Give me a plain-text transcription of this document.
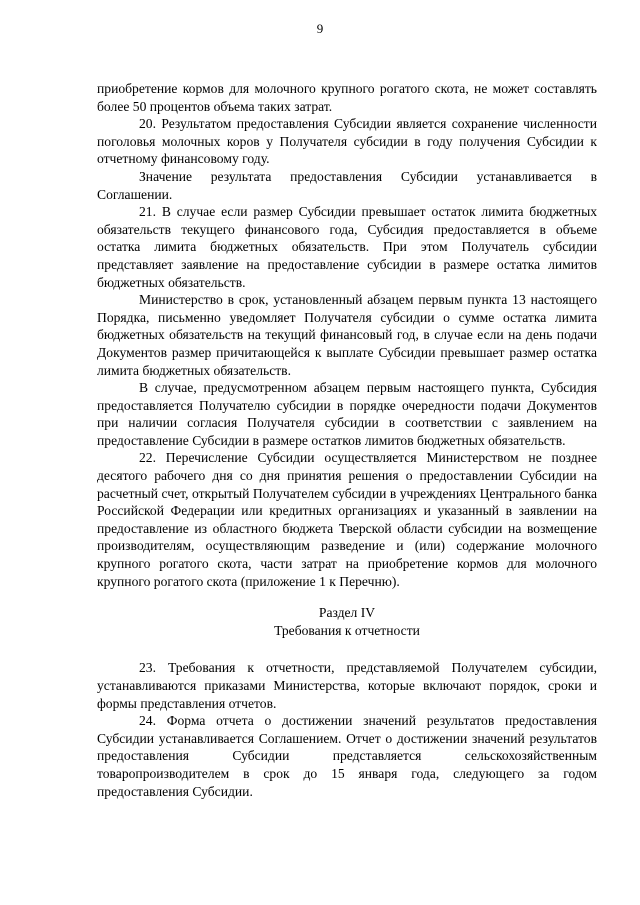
9

приобретение кормов для молочного крупного рогатого скота, не может составлять более 50 процентов объема таких затрат.

20. Результатом предоставления Субсидии является сохранение численности поголовья молочных коров у Получателя субсидии в году получения Субсидии к отчетному финансовому году.

Значение результата предоставления Субсидии устанавливается в Соглашении.

21. В случае если размер Субсидии превышает остаток лимита бюджетных обязательств текущего финансового года, Субсидия предоставляется в объеме остатка лимита бюджетных обязательств. При этом Получатель субсидии представляет заявление на предоставление субсидии в размере остатка лимитов бюджетных обязательств.

Министерство в срок, установленный абзацем первым пункта 13 настоящего Порядка, письменно уведомляет Получателя субсидии о сумме остатка лимита бюджетных обязательств на текущий финансовый год, в случае если на день подачи Документов размер причитающейся к выплате Субсидии превышает размер остатка лимита бюджетных обязательств.

В случае, предусмотренном абзацем первым настоящего пункта, Субсидия предоставляется Получателю субсидии в порядке очередности подачи Документов при наличии согласия Получателя субсидии в соответствии с заявлением на предоставление Субсидии в размере остатков лимитов бюджетных обязательств.

22. Перечисление Субсидии осуществляется Министерством не позднее десятого рабочего дня со дня принятия решения о предоставлении Субсидии на расчетный счет, открытый Получателем субсидии в учреждениях Центрального банка Российской Федерации или кредитных организациях и указанный в заявлении на предоставление из областного бюджета Тверской области субсидии на возмещение производителям, осуществляющим разведение и (или) содержание молочного крупного рогатого скота, части затрат на приобретение кормов для молочного крупного рогатого скота (приложение 1 к Перечню).

Раздел IV
Требования к отчетности

23. Требования к отчетности, представляемой Получателем субсидии, устанавливаются приказами Министерства, которые включают порядок, сроки и формы представления отчетов.

24. Форма отчета о достижении значений результатов предоставления Субсидии устанавливается Соглашением. Отчет о достижении значений результатов предоставления Субсидии представляется сельскохозяйственным товаропроизводителем в срок до 15 января года, следующего за годом предоставления Субсидии.
